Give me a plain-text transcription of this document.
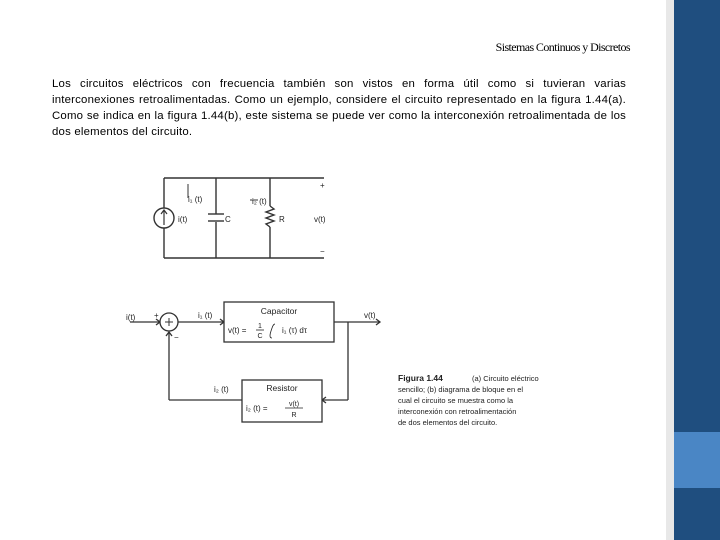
Sistemas Continuos y Discretos
Los circuitos eléctricos con frecuencia también son vistos en forma útil como si tuvieran varias interconexiones retroalimentadas. Como un ejemplo, considere el circuito representado en la figura 1.44(a). Como se indica en la figura 1.44(b), este sistema se puede ver como la interconexión retroalimentada de los dos elementos del circuito.
i(t)
i₁ (t)	i₂ (t)
C	R	v(t)
+
−
i(t) +
−
i₁ (t)	v(t)
i₂ (t)
Capacitor
v(t) = 1
C
i₁ (τ) dτ
Resistor
i₂ (t) =	v(t)
R
Figura 1.44	(a) Circuito eléctrico
sencillo; (b) diagrama de bloque en el
cual el circuito se muestra como la
interconexión con retroalimentación
de dos elementos del circuito.
